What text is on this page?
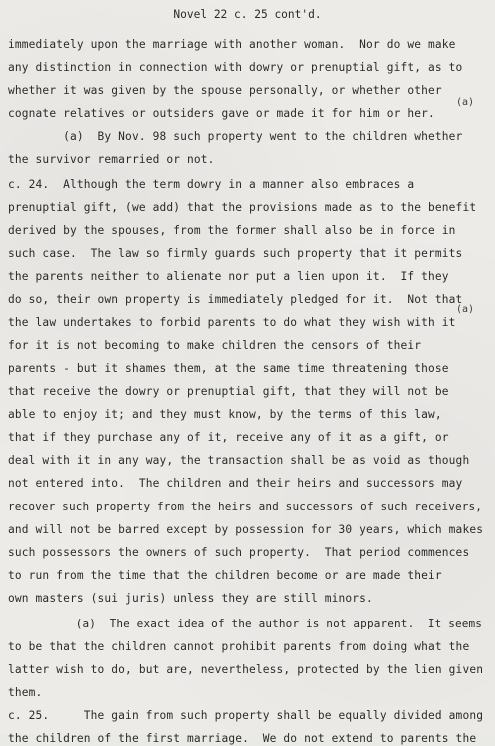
Novel 22 c. 25 cont'd.
immediately upon the marriage with another woman.  Nor do we make
any distinction in connection with dowry or prenuptial gift, as to
whether it was given by the spouse personally, or whether other
cognate relatives or outsiders gave or made it for him or her.
(a)  By Nov. 98 such property went to the children whether
the survivor remarried or not.
c. 24.  Although the term dowry in a manner also embraces a
prenuptial gift, (we add) that the provisions made as to the benefit
derived by the spouses, from the former shall also be in force in
such case.  The law so firmly guards such property that it permits
the parents neither to alienate nor put a lien upon it.  If they
do so, their own property is immediately pledged for it.  Not that
the law undertakes to forbid parents to do what they wish with it
for it is not becoming to make children the censors of their
parents - but it shames them, at the same time threatening those
that receive the dowry or prenuptial gift, that they will not be
able to enjoy it; and they must know, by the terms of this law,
that if they purchase any of it, receive any of it as a gift, or
deal with it in any way, the transaction shall be as void as though
not entered into.  The children and their heirs and successors may
recover such property from the heirs and successors of such receivers,
and will not be barred except by possession for 30 years, which makes
such possessors the owners of such property.  That period commences
to run from the time that the children become or are made their
own masters (sui juris) unless they are still minors.
(a)  The exact idea of the author is not apparent.  It seems
to be that the children cannot prohibit parents from doing what the
latter wish to do, but are, nevertheless, protected by the lien given
them.
c. 25.     The gain from such property shall be equally divided among
the children of the first marriage.  We do not extend to parents the
(a)
(a)
